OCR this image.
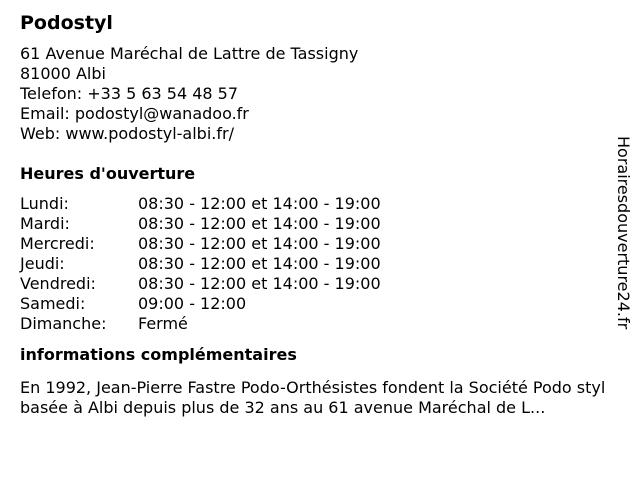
Podostyl
61 Avenue Maréchal de Lattre de Tassigny
81000 Albi
Telefon: +33 5 63 54 48 57
Email: podostyl@wanadoo.fr
Web: www.podostyl-albi.fr/
Heures d'ouverture
Lundi:	08:30 - 12:00 et 14:00 - 19:00
Mardi:	08:30 - 12:00 et 14:00 - 19:00
Mercredi:	08:30 - 12:00 et 14:00 - 19:00
Jeudi:	08:30 - 12:00 et 14:00 - 19:00
Vendredi:	08:30 - 12:00 et 14:00 - 19:00
Samedi:	09:00 - 12:00
Dimanche:	Fermé
informations complémentaires
En 1992, Jean-Pierre Fastre Podo-Orthésistes fondent la Société Podo styl basée à Albi depuis plus de 32 ans au 61 avenue Maréchal de L...
Horairesdouverture24.fr
